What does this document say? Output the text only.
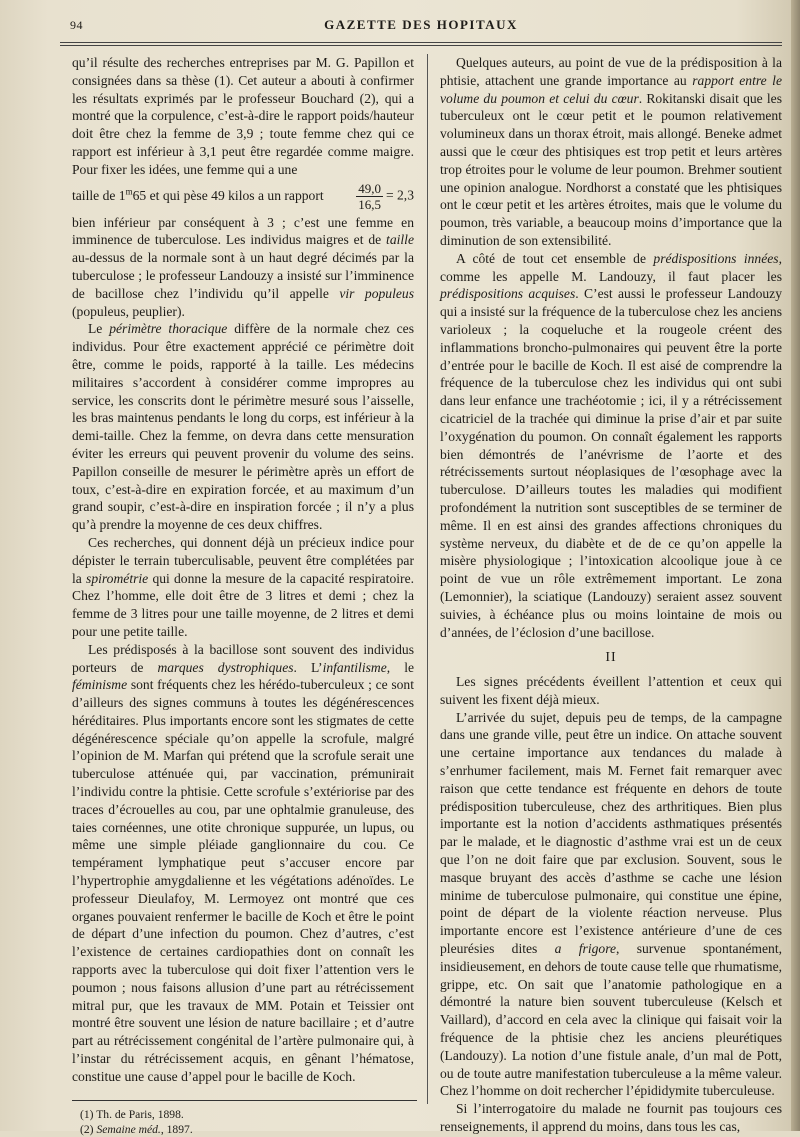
94	GAZETTE DES HOPITAUX

qu’il résulte des recherches entreprises par M. G. Papillon et consignées dans sa thèse (1). Cet auteur a abouti à confirmer les résultats exprimés par le professeur Bouchard (2), qui a montré que la corpulence, c’est-à-dire le rapport poids/hauteur doit être chez la femme de 3,9 ; toute femme chez qui ce rapport est inférieur à 3,1 peut être regardée comme maigre. Pour fixer les idées, une femme qui a une

taille de 1$^m$65 et qui pèse 49 kilos a un rapport	$\frac{49,0}{16,5} = 2,3$

bien inférieur par conséquent à 3 ; c’est une femme en imminence de tuberculose. Les individus maigres et de taille au-dessus de la normale sont à un haut degré décimés par la tuberculose ; le professeur Landouzy a insisté sur l’imminence de bacillose chez l’individu qu’il appelle vir populeus (populeus, peuplier).

Le périmètre thoracique diffère de la normale chez ces individus. Pour être exactement apprécié ce périmètre doit être, comme le poids, rapporté à la taille. Les médecins militaires s’accordent à considérer comme impropres au service, les conscrits dont le périmètre mesuré sous l’aisselle, les bras maintenus pendants le long du corps, est inférieur à la demi-taille. Chez la femme, on devra dans cette mensuration éviter les erreurs qui peuvent provenir du volume des seins. Papillon conseille de mesurer le périmètre après un effort de toux, c’est-à-dire en expiration forcée, et au maximum d’un grand soupir, c’est-à-dire en inspiration forcée ; il n’y a plus qu’à prendre la moyenne de ces deux chiffres.

Ces recherches, qui donnent déjà un précieux indice pour dépister le terrain tuberculisable, peuvent être complétées par la spirométrie qui donne la mesure de la capacité respiratoire. Chez l’homme, elle doit être de 3 litres et demi ; chez la femme de 3 litres pour une taille moyenne, de 2 litres et demi pour une petite taille.

Les prédisposés à la bacillose sont souvent des individus porteurs de marques dystrophiques. L’infantilisme, le féminisme sont fréquents chez les hérédo-tuberculeux ; ce sont d’ailleurs des signes communs à toutes les dégénérescences héréditaires. Plus importants encore sont les stigmates de cette dégénérescence spéciale qu’on appelle la scrofule, malgré l’opinion de M. Marfan qui prétend que la scrofule serait une tuberculose atténuée qui, par vaccination, prémunirait l’individu contre la phtisie. Cette scrofule s’extériorise par des traces d’écrouelles au cou, par une ophtalmie granuleuse, des taies cornéennes, une otite chronique suppurée, un lupus, ou même une simple pléiade ganglionnaire du cou. Ce tempérament lymphatique peut s’accuser encore par l’hypertrophie amygdalienne et les végétations adénoïdes. Le professeur Dieulafoy, M. Lermoyez ont montré que ces organes pouvaient renfermer le bacille de Koch et être le point de départ d’une infection du poumon. Chez d’autres, c’est l’existence de certaines cardiopathies dont on connaît les rapports avec la tuberculose qui doit fixer l’attention vers le poumon ; nous faisons allusion d’une part au rétrécissement mitral pur, que les travaux de MM. Potain et Teissier ont montré être souvent une lésion de nature bacillaire ; et d’autre part au rétrécissement congénital de l’artère pulmonaire qui, à l’instar du rétrécissement acquis, en gênant l’hématose, constitue une cause d’appel pour le bacille de Koch.

(1) Th. de Paris, 1898.
(2) Semaine méd., 1897.

Quelques auteurs, au point de vue de la prédisposition à la phtisie, attachent une grande importance au rapport entre le volume du poumon et celui du cœur. Rokitanski disait que les tuberculeux ont le cœur petit et le poumon relativement volumineux dans un thorax étroit, mais allongé. Beneke admet aussi que le cœur des phtisiques est trop petit et leurs artères trop étroites pour le volume de leur poumon. Brehmer soutient une opinion analogue. Nordhorst a constaté que les phtisiques ont le cœur petit et les artères étroites, mais que le volume du poumon, très variable, a beaucoup moins d’importance que la diminution de son extensibilité.

A côté de tout cet ensemble de prédispositions innées, comme les appelle M. Landouzy, il faut placer les prédispositions acquises. C’est aussi le professeur Landouzy qui a insisté sur la fréquence de la tuberculose chez les anciens varioleux ; la coqueluche et la rougeole créent des inflammations broncho-pulmonaires qui peuvent être la porte d’entrée pour le bacille de Koch. Il est aisé de comprendre la fréquence de la tuberculose chez les individus qui ont subi dans leur enfance une trachéotomie ; ici, il y a rétrécissement cicatriciel de la trachée qui diminue la prise d’air et par suite l’oxygénation du poumon. On connaît également les rapports bien démontrés de l’anévrisme de l’aorte et des rétrécissements surtout néoplasiques de l’œsophage avec la tuberculose. D’ailleurs toutes les maladies qui modifient profondément la nutrition sont susceptibles de se terminer de même. Il en est ainsi des grandes affections chroniques du système nerveux, du diabète et de de ce qu’on appelle la misère physiologique ; l’intoxication alcoolique joue à ce point de vue un rôle extrêmement important. Le zona (Lemonnier), la sciatique (Landouzy) seraient assez souvent suivies, à échéance plus ou moins lointaine de mois ou d’années, de l’éclosion d’une bacillose.

II

Les signes précédents éveillent l’attention et ceux qui suivent les fixent déjà mieux.

L’arrivée du sujet, depuis peu de temps, de la campagne dans une grande ville, peut être un indice. On attache souvent une certaine importance aux tendances du malade à s’enrhumer facilement, mais M. Fernet fait remarquer avec raison que cette tendance est fréquente en dehors de toute prédisposition tuberculeuse, chez des arthritiques. Bien plus importante est la notion d’accidents asthmatiques présentés par le malade, et le diagnostic d’asthme vrai est un de ceux que l’on ne doit faire que par exclusion. Souvent, sous le masque bruyant des accès d’asthme se cache une lésion minime de tuberculose pulmonaire, qui constitue une épine, point de départ de la violente réaction nerveuse. Plus importante encore est l’existence antérieure d’une de ces pleurésies dites a frigore, survenue spontanément, insidieusement, en dehors de toute cause telle que rhumatisme, grippe, etc. On sait que l’anatomie pathologique en a démontré la nature bien souvent tuberculeuse (Kelsch et Vaillard), d’accord en cela avec la clinique qui faisait voir la fréquence de la phtisie chez les anciens pleurétiques (Landouzy). La notion d’une fistule anale, d’un mal de Pott, ou de toute autre manifestation tuberculeuse a la même valeur. Chez l’homme on doit rechercher l’épididymite tuberculeuse.

Si l’interrogatoire du malade ne fournit pas toujours ces renseignements, il apprend du moins, dans tous les cas,
